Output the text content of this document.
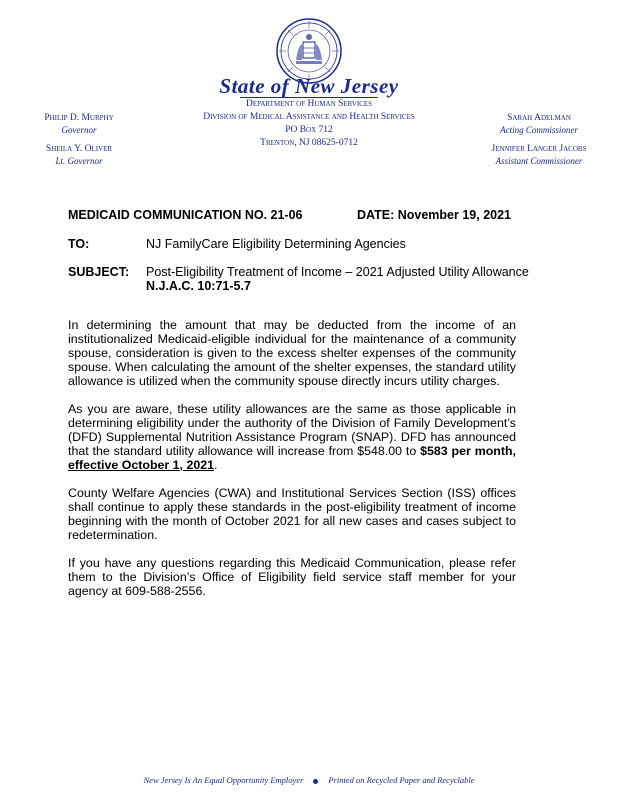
State of New Jersey
Department of Human Services
Division of Medical Assistance and Health Services
PO Box 712
Trenton, NJ 08625-0712
Philip D. Murphy
Governor
Sheila Y. Oliver
Lt. Governor
Sarah Adelman
Acting Commissioner
Jennifer Langer Jacobs
Assistant Commissioner
MEDICAID COMMUNICATION NO. 21-06	DATE: November 19, 2021
TO:	NJ FamilyCare Eligibility Determining Agencies
SUBJECT: Post-Eligibility Treatment of Income – 2021 Adjusted Utility Allowance
N.J.A.C. 10:71-5.7

In determining the amount that may be deducted from the income of an institutionalized Medicaid-eligible individual for the maintenance of a community spouse, consideration is given to the excess shelter expenses of the community spouse. When calculating the amount of the shelter expenses, the standard utility allowance is utilized when the community spouse directly incurs utility charges.

As you are aware, these utility allowances are the same as those applicable in determining eligibility under the authority of the Division of Family Development’s (DFD) Supplemental Nutrition Assistance Program (SNAP). DFD has announced that the standard utility allowance will increase from $548.00 to $583 per month, effective October 1, 2021.

County Welfare Agencies (CWA) and Institutional Services Section (ISS) offices shall continue to apply these standards in the post-eligibility treatment of income beginning with the month of October 2021 for all new cases and cases subject to redetermination.

If you have any questions regarding this Medicaid Communication, please refer them to the Division’s Office of Eligibility field service staff member for your agency at 609-588-2556.

New Jersey Is An Equal Opportunity Employer	Printed on Recycled Paper and Recyclable
